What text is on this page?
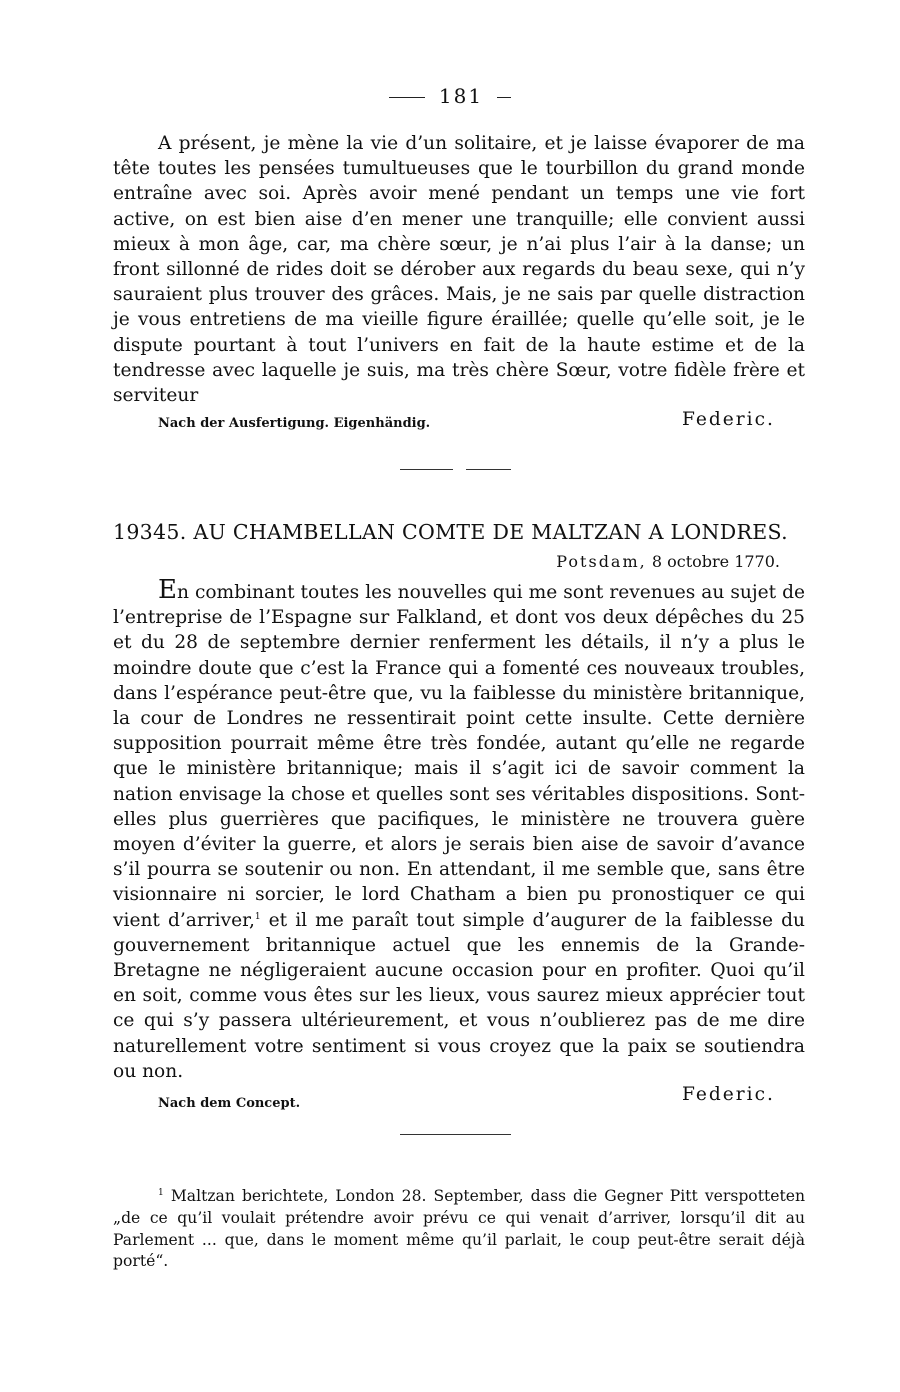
181

A présent, je mène la vie d’un solitaire, et je laisse évaporer de ma tête toutes les pensées tumultueuses que le tourbillon du grand monde entraîne avec soi. Après avoir mené pendant un temps une vie fort active, on est bien aise d’en mener une tranquille; elle convient aussi mieux à mon âge, car, ma chère sœur, je n’ai plus l’air à la danse; un front sillonné de rides doit se dérober aux regards du beau sexe, qui n’y sauraient plus trouver des grâces. Mais, je ne sais par quelle distraction je vous entretiens de ma vieille figure éraillée; quelle qu’elle soit, je le dispute pourtant à tout l’univers en fait de la haute estime et de la tendresse avec laquelle je suis, ma très chère Sœur, votre fidèle frère et serviteur

Nach der Ausfertigung. Eigenhändig.	Federic.
19345. AU CHAMBELLAN COMTE DE MALTZAN A LONDRES.
Potsdam, 8 octobre 1770.

En combinant toutes les nouvelles qui me sont revenues au sujet de l’entreprise de l’Espagne sur Falkland, et dont vos deux dépêches du 25 et du 28 de septembre dernier renferment les détails, il n’y a plus le moindre doute que c’est la France qui a fomenté ces nouveaux troubles, dans l’espérance peut-être que, vu la faiblesse du ministère britannique, la cour de Londres ne ressentirait point cette insulte. Cette dernière supposition pourrait même être très fondée, autant qu’elle ne regarde que le ministère britannique; mais il s’agit ici de savoir comment la nation envisage la chose et quelles sont ses véritables dispositions. Sont-elles plus guerrières que pacifiques, le ministère ne trouvera guère moyen d’éviter la guerre, et alors je serais bien aise de savoir d’avance s’il pourra se soutenir ou non. En attendant, il me semble que, sans être visionnaire ni sorcier, le lord Chatham a bien pu pronostiquer ce qui vient d’arriver,$^1$ et il me paraît tout simple d’augurer de la faiblesse du gouvernement britannique actuel que les ennemis de la Grande-Bretagne ne négligeraient aucune occasion pour en profiter. Quoi qu’il en soit, comme vous êtes sur les lieux, vous saurez mieux apprécier tout ce qui s’y passera ultérieurement, et vous n’oublierez pas de me dire naturellement votre sentiment si vous croyez que la paix se soutiendra ou non.

Nach dem Concept.	Federic.

$^1$ Maltzan berichtete, London 28. September, dass die Gegner Pitt verspotteten „de ce qu’il voulait prétendre avoir prévu ce qui venait d’arriver, lorsqu’il dit au Parlement ... que, dans le moment même qu’il parlait, le coup peut-être serait déjà porté“.
